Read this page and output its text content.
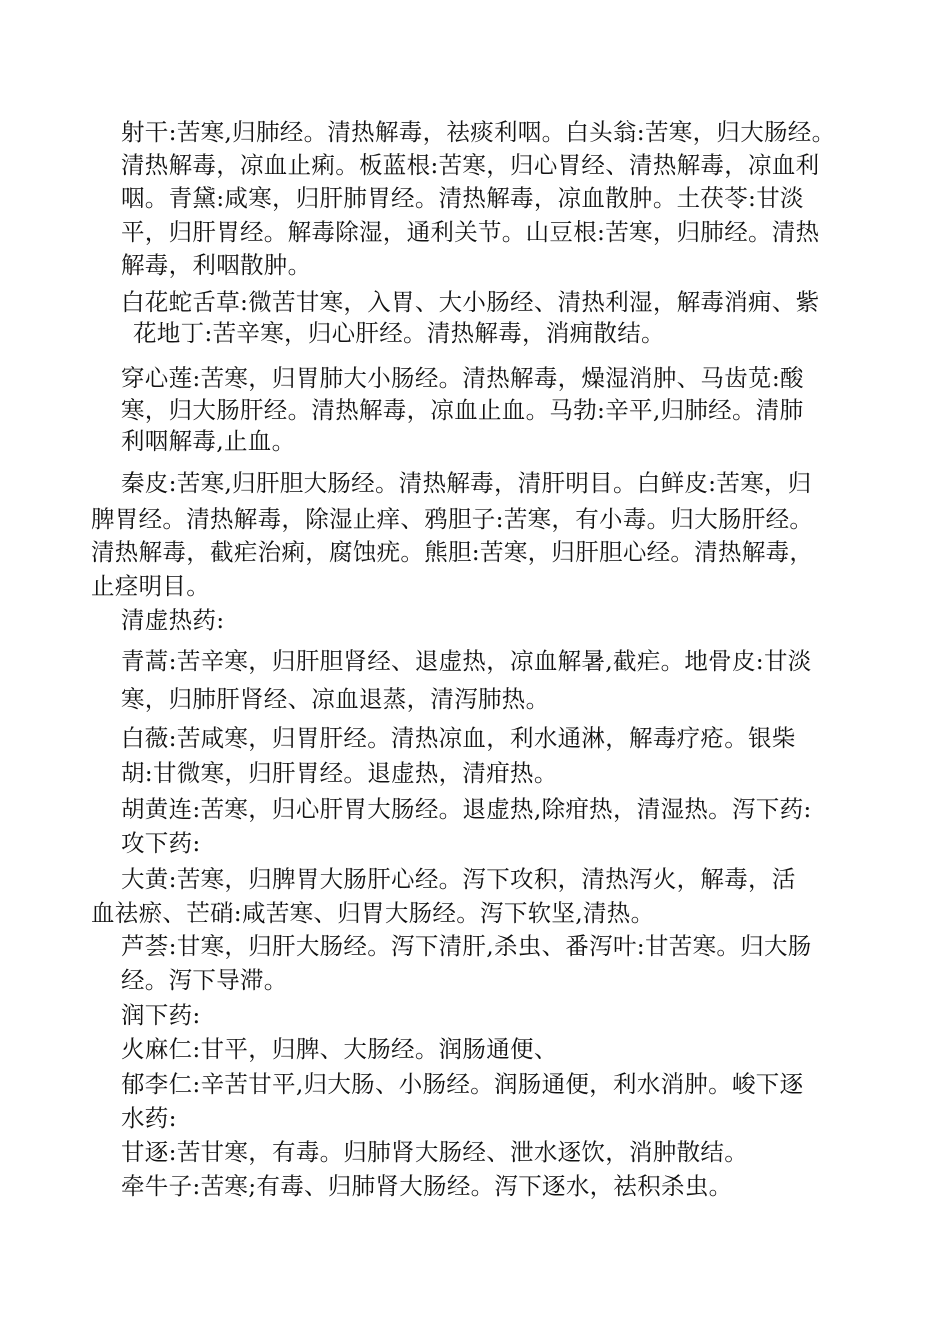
射干:苦寒,归肺经。清热解毒，祛痰利咽。白头翁:苦寒，归大肠经。

清热解毒，凉血止痢。板蓝根:苦寒，归心胃经、清热解毒，凉血利

咽。青黛:咸寒，归肝肺胃经。清热解毒，凉血散肿。土茯苓:甘淡

平，归肝胃经。解毒除湿，通利关节。山豆根:苦寒，归肺经。清热

解毒，利咽散肿。

白花蛇舌草:微苦甘寒，入胃、大小肠经、清热利湿，解毒消痈、紫

花地丁:苦辛寒，归心肝经。清热解毒，消痈散结。

穿心莲:苦寒，归胃肺大小肠经。清热解毒，燥湿消肿、马齿苋:酸

寒，归大肠肝经。清热解毒，凉血止血。马勃:辛平,归肺经。清肺

利咽解毒,止血。

秦皮:苦寒,归肝胆大肠经。清热解毒，清肝明目。白鲜皮:苦寒，归

脾胃经。清热解毒，除湿止痒、鸦胆子:苦寒，有小毒。归大肠肝经。

清热解毒，截疟治痢，腐蚀疣。熊胆:苦寒，归肝胆心经。清热解毒，

止痉明目。

清虚热药:

青蒿:苦辛寒，归肝胆肾经、退虚热，凉血解暑,截疟。地骨皮:甘淡

寒，归肺肝肾经、凉血退蒸，清泻肺热。

白薇:苦咸寒，归胃肝经。清热凉血，利水通淋，解毒疗疮。银柴

胡:甘微寒，归肝胃经。退虚热，清疳热。

胡黄连:苦寒，归心肝胃大肠经。退虚热,除疳热，清湿热。泻下药:

攻下药:

大黄:苦寒，归脾胃大肠肝心经。泻下攻积，清热泻火，解毒，活

血祛瘀、芒硝:咸苦寒、归胃大肠经。泻下软坚,清热。

芦荟:甘寒，归肝大肠经。泻下清肝,杀虫、番泻叶:甘苦寒。归大肠

经。泻下导滞。

润下药:

火麻仁:甘平，归脾、大肠经。润肠通便、

郁李仁:辛苦甘平,归大肠、小肠经。润肠通便，利水消肿。峻下逐

水药:

甘逐:苦甘寒，有毒。归肺肾大肠经、泄水逐饮，消肿散结。

牵牛子:苦寒;有毒、归肺肾大肠经。泻下逐水，祛积杀虫。
